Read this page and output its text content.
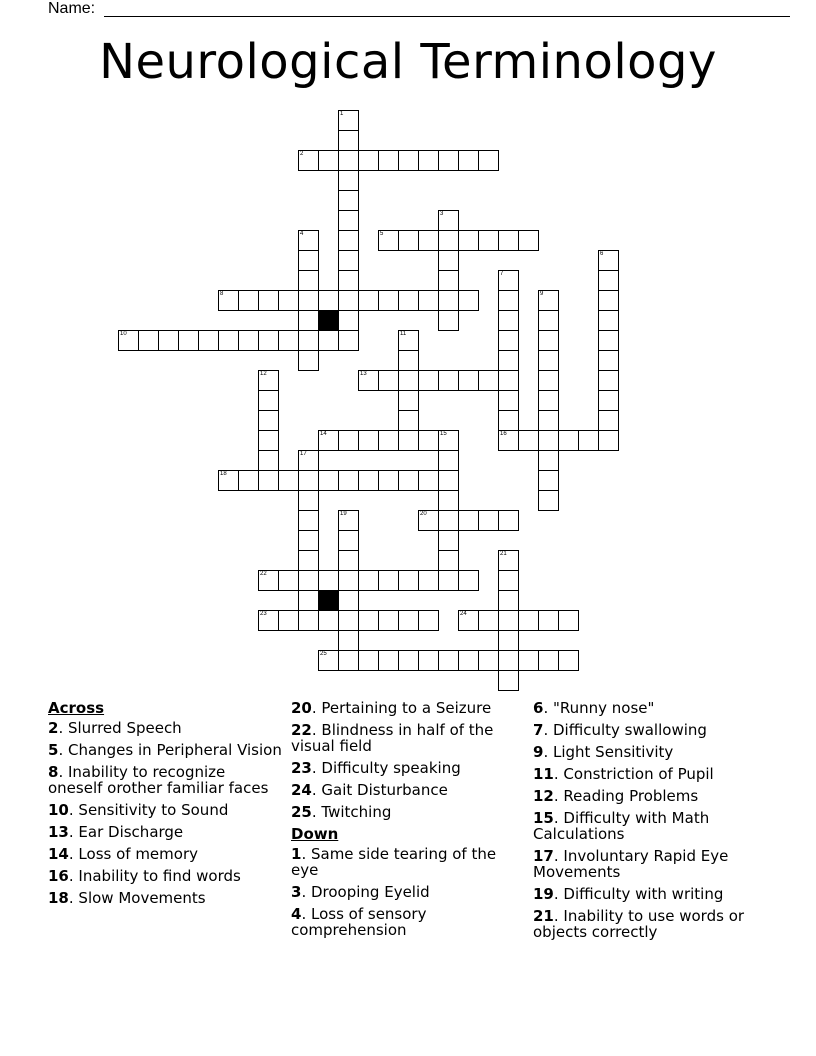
Name:
Neurological Terminology
1
2
3
4	5
6
7
16
8	9
10	11
12	13
14	15
17
18
19	20
21
22
23	24
25
Across
2. Slurred Speech
5. Changes in Peripheral Vision
8. Inability to recognize oneself orother familiar faces
10. Sensitivity to Sound
13. Ear Discharge
14. Loss of memory
16. Inability to find words
18. Slow Movements
20. Pertaining to a Seizure
22. Blindness in half of the visual field
23. Difficulty speaking
24. Gait Disturbance
25. Twitching
Down
1. Same side tearing of the eye
3. Drooping Eyelid
4. Loss of sensory comprehension
6. "Runny nose"
7. Difficulty swallowing
9. Light Sensitivity
11. Constriction of Pupil
12. Reading Problems
15. Difficulty with Math Calculations
17. Involuntary Rapid Eye Movements
19. Difficulty with writing
21. Inability to use words or objects correctly
